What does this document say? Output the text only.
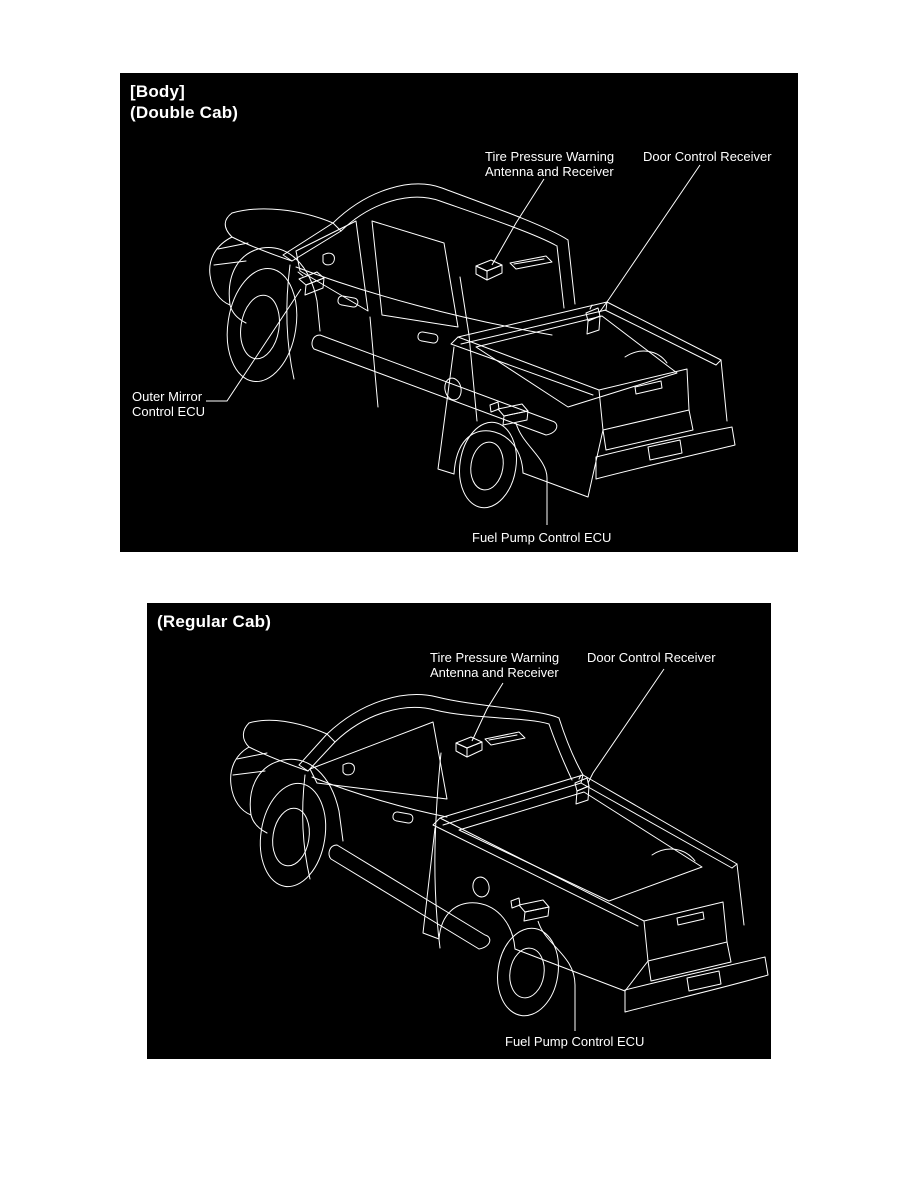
[Body]
(Double Cab)
Tire Pressure Warning
Antenna and Receiver
Door Control Receiver
Outer Mirror
Control ECU
Fuel Pump Control ECU
(Regular Cab)
Tire Pressure Warning
Antenna and Receiver
Door Control Receiver
Fuel Pump Control ECU
